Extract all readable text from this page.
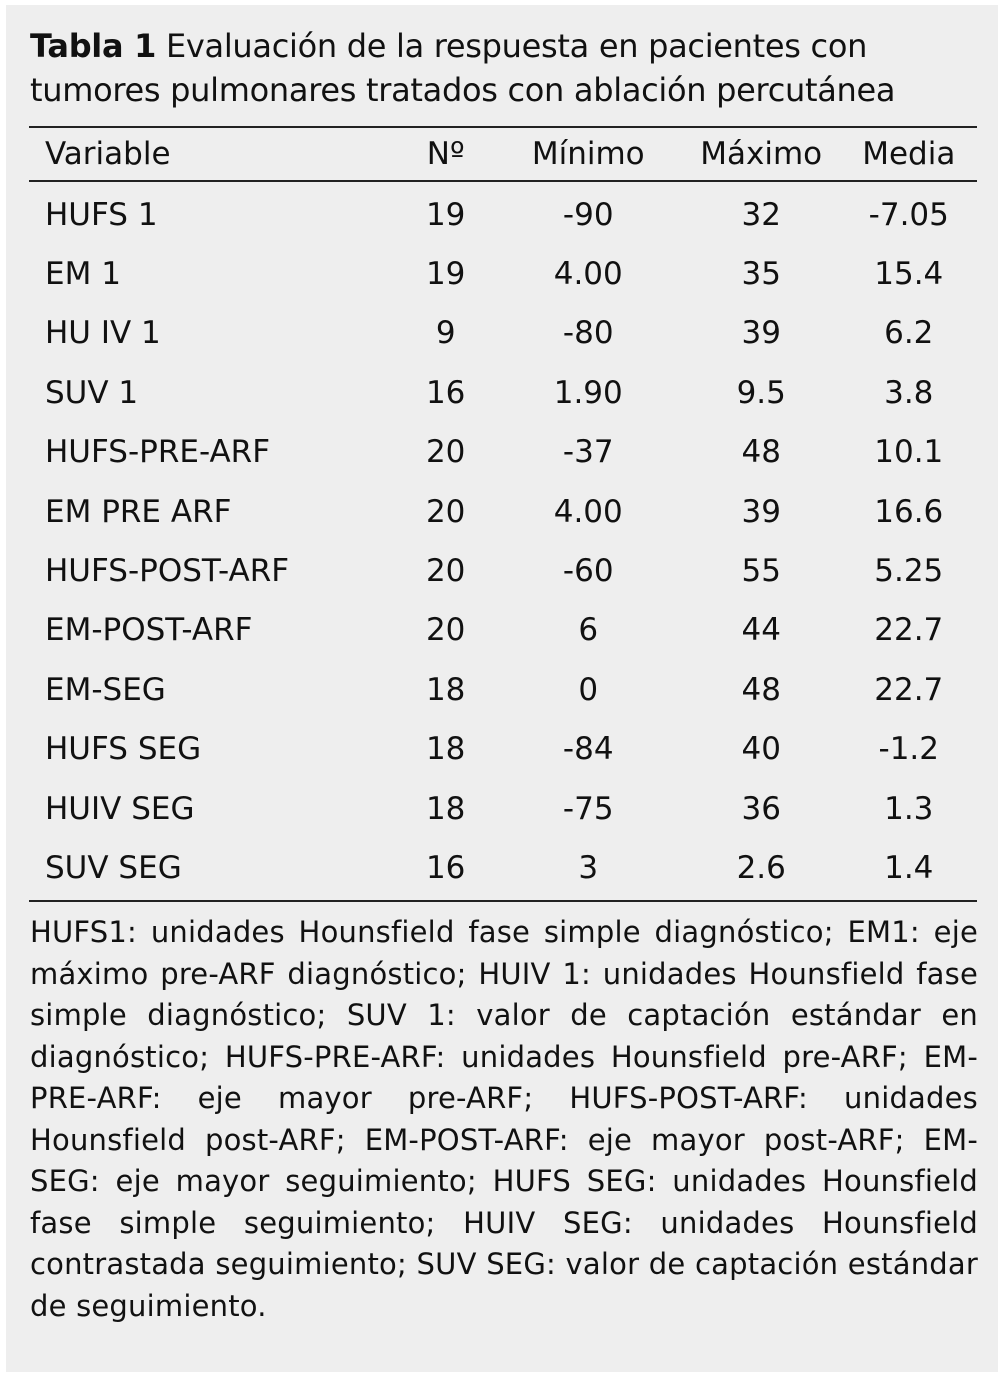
Tabla 1 Evaluación de la respuesta en pacientes con tumores pulmonares tratados con ablación percutánea
Variable	Nº	Mínimo	Máximo	Media
HUFS 1	19	-90	32	-7.05
EM 1	19	4.00	35	15.4
HU IV 1	9	-80	39	6.2
SUV 1	16	1.90	9.5	3.8
HUFS-PRE-ARF	20	-37	48	10.1
EM PRE ARF	20	4.00	39	16.6
HUFS-POST-ARF	20	-60	55	5.25
EM-POST-ARF	20	6	44	22.7
EM-SEG	18	0	48	22.7
HUFS SEG	18	-84	40	-1.2
HUIV SEG	18	-75	36	1.3
SUV SEG	16	3	2.6	1.4
HUFS1: unidades Hounsfield fase simple diagnóstico; EM1: eje máximo pre-ARF diagnóstico; HUIV 1: unidades Hounsfield fase simple diagnóstico; SUV 1: valor de captación estándar en diagnóstico; HUFS-PRE-ARF: unidades Hounsfield pre-ARF; EM-PRE-ARF: eje mayor pre-ARF; HUFS-POST-ARF: unidades Hounsfield post-ARF; EM-POST-ARF: eje mayor post-ARF; EM-SEG: eje mayor seguimiento; HUFS SEG: unidades Hounsfield fase simple seguimiento; HUIV SEG: unidades Hounsfield contrastada seguimiento; SUV SEG: valor de captación estándar de seguimiento.
